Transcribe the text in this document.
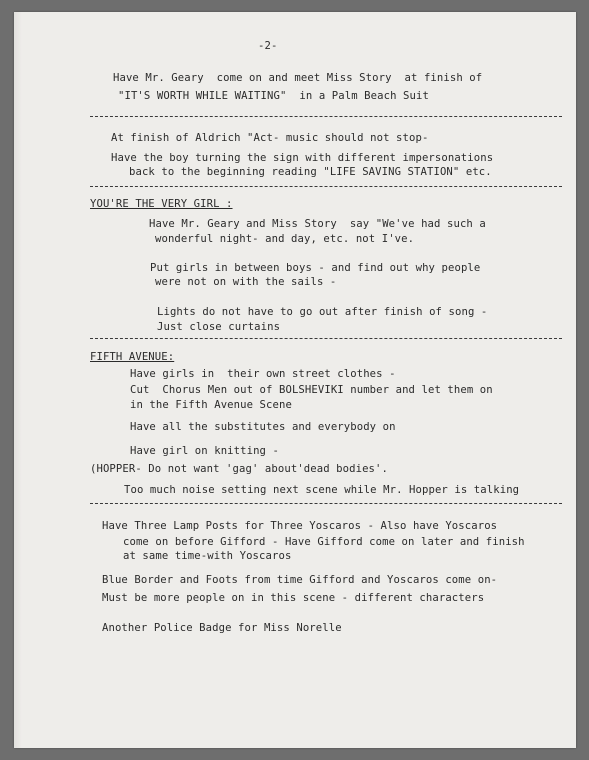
-2-
Have Mr. Geary  come on and meet Miss Story  at finish of
"IT'S WORTH WHILE WAITING"  in a Palm Beach Suit
At finish of Aldrich "Act- music should not stop-
Have the boy turning the sign with different impersonations
back to the beginning reading "LIFE SAVING STATION" etc.
YOU'RE THE VERY GIRL :
Have Mr. Geary and Miss Story  say "We've had such a
wonderful night- and day, etc. not I've.
Put girls in between boys - and find out why people
were not on with the sails -
Lights do not have to go out after finish of song -
Just close curtains
FIFTH AVENUE:
Have girls in  their own street clothes -
Cut  Chorus Men out of BOLSHEVIKI number and let them on
in the Fifth Avenue Scene
Have all the substitutes and everybody on
Have girl on knitting -
(HOPPER- Do not want 'gag' about'dead bodies'.
Too much noise setting next scene while Mr. Hopper is talking
Have Three Lamp Posts for Three Yoscaros - Also have Yoscaros
come on before Gifford - Have Gifford come on later and finish
at same time-with Yoscaros
Blue Border and Foots from time Gifford and Yoscaros come on-
Must be more people on in this scene - different characters
Another Police Badge for Miss Norelle
